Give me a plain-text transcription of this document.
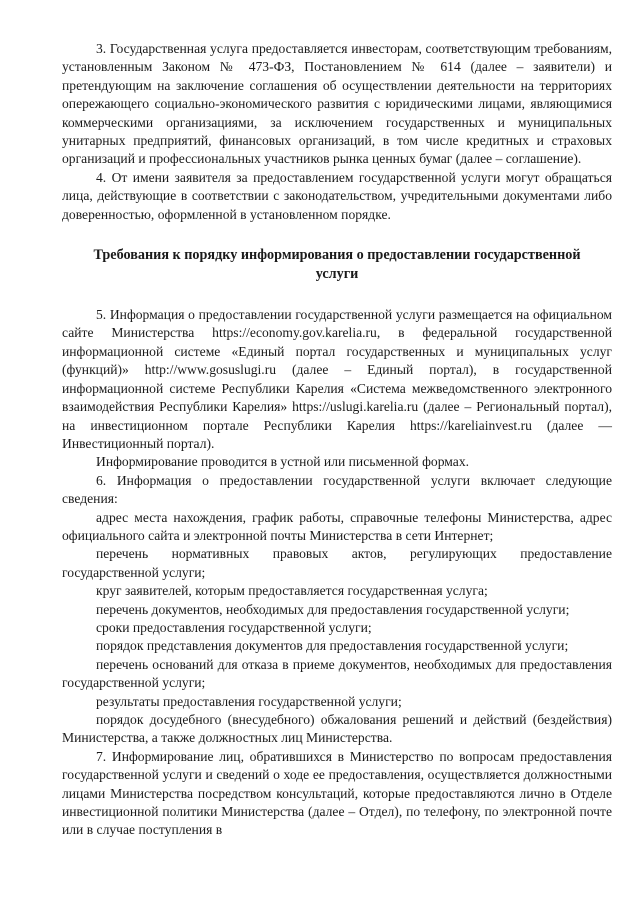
3. Государственная услуга предоставляется инвесторам, соответствующим требованиям, установленным Законом № 473-ФЗ, Постановлением № 614 (далее – заявители) и претендующим на заключение соглашения об осуществлении деятельности на территориях опережающего социально-экономического развития с юридическими лицами, являющимися коммерческими организациями, за исключением государственных и муниципальных унитарных предприятий, финансовых организаций, в том числе кредитных и страховых организаций и профессиональных участников рынка ценных бумаг (далее – соглашение).

4. От имени заявителя за предоставлением государственной услуги могут обращаться лица, действующие в соответствии с законодательством, учредительными документами либо доверенностью, оформленной в установленном порядке.

Требования к порядку информирования о предоставлении государственной услуги

5. Информация о предоставлении государственной услуги размещается на официальном сайте Министерства https://economy.gov.karelia.ru, в федеральной государственной информационной системе «Единый портал государственных и муниципальных услуг (функций)» http://www.gosuslugi.ru (далее – Единый портал), в государственной информационной системе Республики Карелия «Система межведомственного электронного взаимодействия Республики Карелия» https://uslugi.karelia.ru (далее – Региональный портал), на инвестиционном портале Республики Карелия https://kareliainvest.ru (далее — Инвестиционный портал).

Информирование проводится в устной или письменной формах.

6. Информация о предоставлении государственной услуги включает следующие сведения:

адрес места нахождения, график работы, справочные телефоны Министерства, адрес официального сайта и электронной почты Министерства в сети Интернет;

перечень нормативных правовых актов, регулирующих предоставление государственной услуги;

круг заявителей, которым предоставляется государственная услуга;

перечень документов, необходимых для предоставления государственной услуги;

сроки предоставления государственной услуги;

порядок представления документов для предоставления государственной услуги;

перечень оснований для отказа в приеме документов, необходимых для предоставления государственной услуги;

результаты предоставления государственной услуги;

порядок досудебного (внесудебного) обжалования решений и действий (бездействия) Министерства, а также должностных лиц Министерства.

7. Информирование лиц, обратившихся в Министерство по вопросам предоставления государственной услуги и сведений о ходе ее предоставления, осуществляется должностными лицами Министерства посредством консультаций, которые предоставляются лично в Отделе инвестиционной политики Министерства (далее – Отдел), по телефону, по электронной почте или в случае поступления в
